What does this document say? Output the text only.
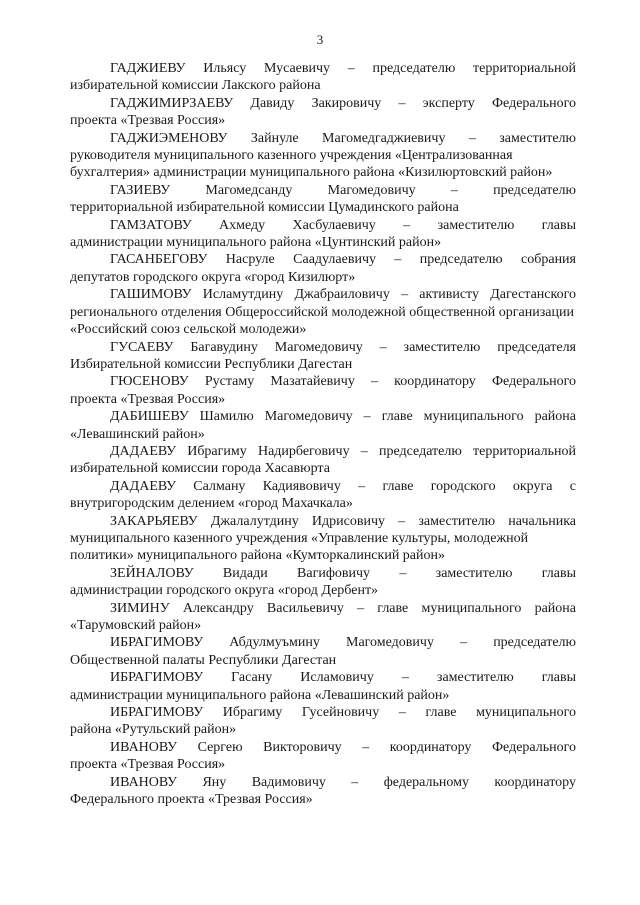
3

ГАДЖИЕВУ Ильясу Мусаевичу – председателю территориальной
избирательной комиссии Лакского района

ГАДЖИМИРЗАЕВУ Давиду Закировичу – эксперту Федерального
проекта «Трезвая Россия»

ГАДЖИЭМЕНОВУ Зайнуле Магомедгаджиевичу – заместителю
руководителя муниципального казенного учреждения «Централизованная бухгалтерия» администрации муниципального района «Кизилюртовский район»

ГАЗИЕВУ Магомедсанду Магомедовичу – председателю
территориальной избирательной комиссии Цумадинского района

ГАМЗАТОВУ Ахмеду Хасбулаевичу – заместителю главы
администрации муниципального района «Цунтинский район»

ГАСАНБЕГОВУ Насруле Саадулаевичу – председателю собрания
депутатов городского округа «город Кизилюрт»

ГАШИМОВУ Исламутдину Джабраиловичу – активисту Дагестанского
регионального отделения Общероссийской молодежной общественной организации «Российский союз сельской молодежи»

ГУСАЕВУ Багавудину Магомедовичу – заместителю председателя
Избирательной комиссии Республики Дагестан

ГЮСЕНОВУ Рустаму Мазатайевичу – координатору Федерального
проекта «Трезвая Россия»

ДАБИШЕВУ Шамилю Магомедовичу – главе муниципального района
«Левашинский район»

ДАДАЕВУ Ибрагиму Надирбеговичу – председателю территориальной
избирательной комиссии города Хасавюрта

ДАДАЕВУ Салману Кадиявовичу – главе городского округа с
внутригородским делением «город Махачкала»

ЗАКАРЬЯЕВУ Джалалутдину Идрисовичу – заместителю начальника
муниципального казенного учреждения «Управление культуры, молодежной политики» муниципального района «Кумторкалинский район»

ЗЕЙНАЛОВУ Видади Вагифовичу – заместителю главы
администрации городского округа «город Дербент»

ЗИМИНУ Александру Васильевичу – главе муниципального района
«Тарумовский район»

ИБРАГИМОВУ Абдулмуъмину Магомедовичу – председателю
Общественной палаты Республики Дагестан

ИБРАГИМОВУ Гасану Исламовичу – заместителю главы
администрации муниципального района «Левашинский район»

ИБРАГИМОВУ Ибрагиму Гусейновичу – главе муниципального
района «Рутульский район»

ИВАНОВУ Сергею Викторовичу – координатору Федерального
проекта «Трезвая Россия»

ИВАНОВУ Яну Вадимовичу – федеральному координатору
Федерального проекта «Трезвая Россия»
